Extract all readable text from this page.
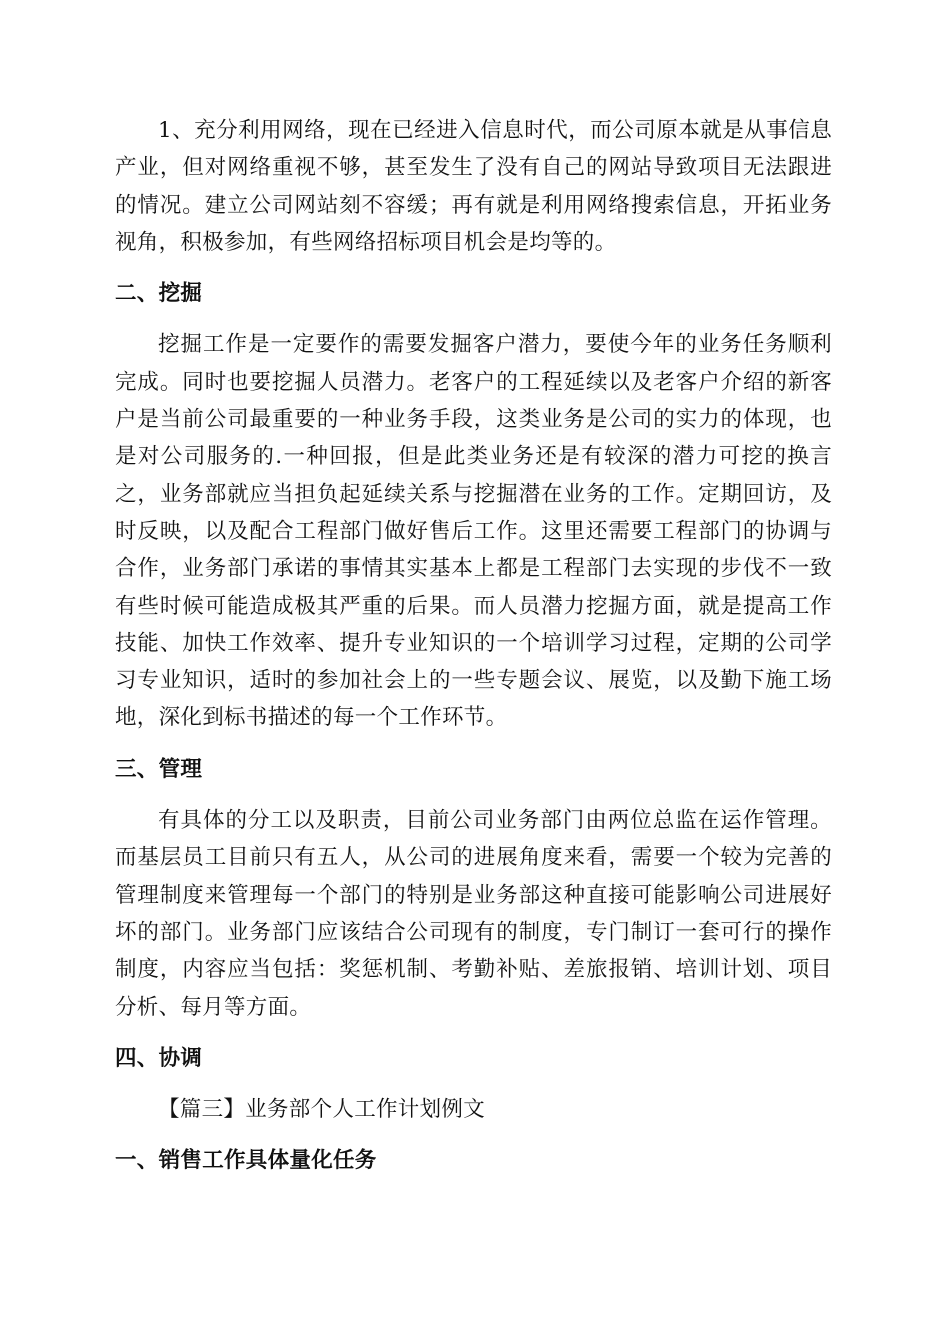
1、充分利用网络，现在已经进入信息时代，而公司原本就是从事信息产业，但对网络重视不够，甚至发生了没有自己的网站导致项目无法跟进的情况。建立公司网站刻不容缓；再有就是利用网络搜索信息，开拓业务视角，积极参加，有些网络招标项目机会是均等的。

二、挖掘

挖掘工作是一定要作的需要发掘客户潜力，要使今年的业务任务顺利完成。同时也要挖掘人员潜力。老客户的工程延续以及老客户介绍的新客户是当前公司最重要的一种业务手段，这类业务是公司的实力的体现，也是对公司服务的.一种回报，但是此类业务还是有较深的潜力可挖的换言之，业务部就应当担负起延续关系与挖掘潜在业务的工作。定期回访，及时反映，以及配合工程部门做好售后工作。这里还需要工程部门的协调与合作，业务部门承诺的事情其实基本上都是工程部门去实现的步伐不一致有些时候可能造成极其严重的后果。而人员潜力挖掘方面，就是提高工作技能、加快工作效率、提升专业知识的一个培训学习过程，定期的公司学习专业知识，适时的参加社会上的一些专题会议、展览，以及勤下施工场地，深化到标书描述的每一个工作环节。

三、管理

有具体的分工以及职责，目前公司业务部门由两位总监在运作管理。而基层员工目前只有五人，从公司的进展角度来看，需要一个较为完善的管理制度来管理每一个部门的特别是业务部这种直接可能影响公司进展好坏的部门。业务部门应该结合公司现有的制度，专门制订一套可行的操作制度，内容应当包括：奖惩机制、考勤补贴、差旅报销、培训计划、项目分析、每月等方面。

四、协调

【篇三】业务部个人工作计划例文

一、销售工作具体量化任务
